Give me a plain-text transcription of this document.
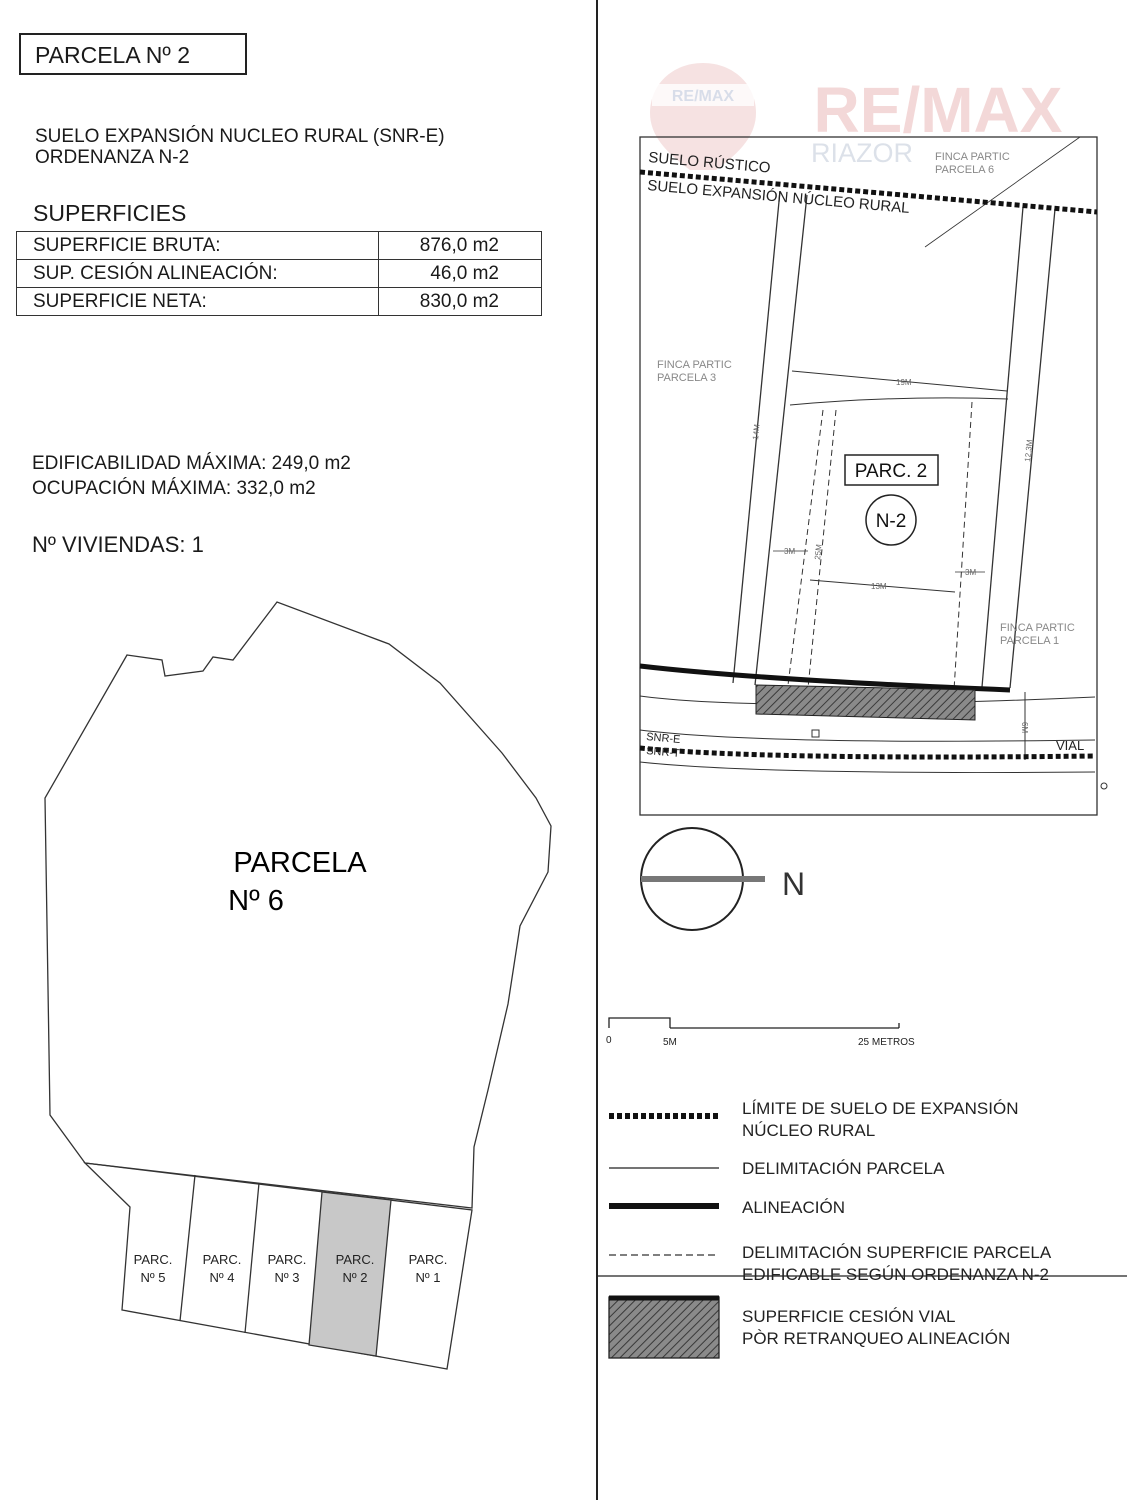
PARCELA Nº 2
SUELO EXPANSIÓN NUCLEO RURAL (SNR-E)
ORDENANZA N-2
SUPERFICIES
SUPERFICIE BRUTA:	876,0 m2
SUP. CESIÓN ALINEACIÓN:	46,0 m2
SUPERFICIE NETA:	830,0 m2
EDIFICABILIDAD MÁXIMA: 249,0 m2
OCUPACIÓN MÁXIMA: 332,0 m2
Nº VIVIENDAS: 1
PARCELA
Nº 6
PARC.
Nº 5
PARC.
Nº 4
PARC.
Nº 3
PARC.
Nº 2
PARC.
Nº 1
RE/MAX RE/MAX
RIAZOR
PARC. 2
N-2
SUELO RÚSTICO
SUELO EXPANSIÓN NÚCLEO RURAL
SNR-E
SNR-T	VIAL
FINCA PARTIC
PARCELA 6
FINCA PARTIC
PARCELA 3
FINCA PARTIC
PARCELA 1
19M
14M
12,3M
25M
13M
3M
3M
6M
N
0	5M	25 METROS
LÍMITE DE SUELO DE EXPANSIÓN
NÚCLEO RURAL
DELIMITACIÓN PARCELA
ALINEACIÓN
DELIMITACIÓN SUPERFICIE PARCELA
EDIFICABLE SEGÚN ORDENANZA N-2
SUPERFICIE CESIÓN VIAL
PÒR RETRANQUEO ALINEACIÓN
